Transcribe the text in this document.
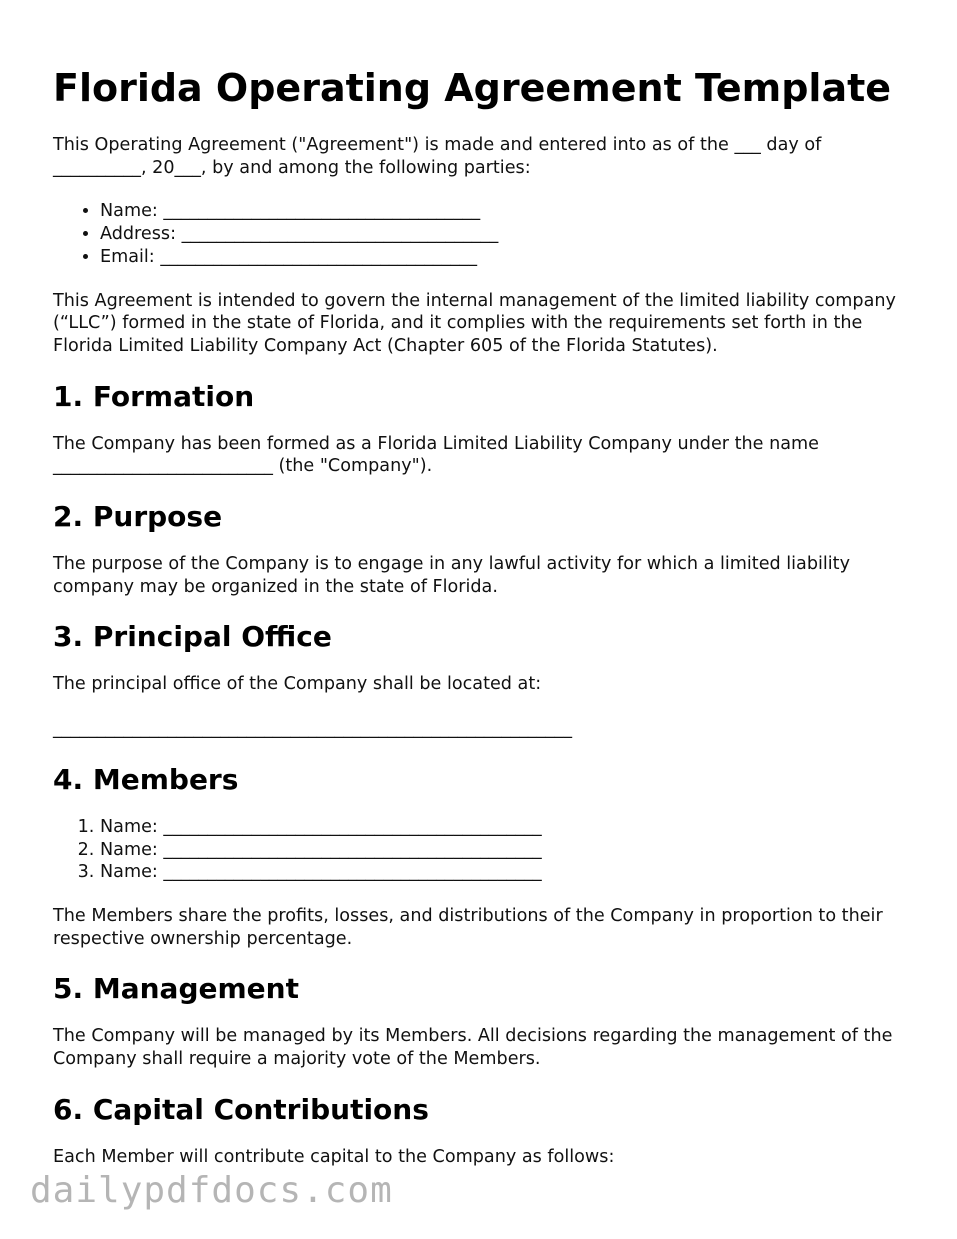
Florida Operating Agreement Template

This Operating Agreement ("Agreement") is made and entered into as of the ___ day of __________, 20___, by and among the following parties:

• Name: ____________________________________
• Address: ____________________________________
• Email: ____________________________________

This Agreement is intended to govern the internal management of the limited liability company (“LLC”) formed in the state of Florida, and it complies with the requirements set forth in the Florida Limited Liability Company Act (Chapter 605 of the Florida Statutes).

1. Formation

The Company has been formed as a Florida Limited Liability Company under the name _________________________ (the "Company").

2. Purpose

The purpose of the Company is to engage in any lawful activity for which a limited liability company may be organized in the state of Florida.

3. Principal Office

The principal office of the Company shall be located at:

___________________________________________________________
4. Members
1. Name: ___________________________________________
2. Name: ___________________________________________
3. Name: ___________________________________________

The Members share the profits, losses, and distributions of the Company in proportion to their respective ownership percentage.

5. Management

The Company will be managed by its Members. All decisions regarding the management of the Company shall require a majority vote of the Members.

6. Capital Contributions

Each Member will contribute capital to the Company as follows:

dailypdfdocs.com
